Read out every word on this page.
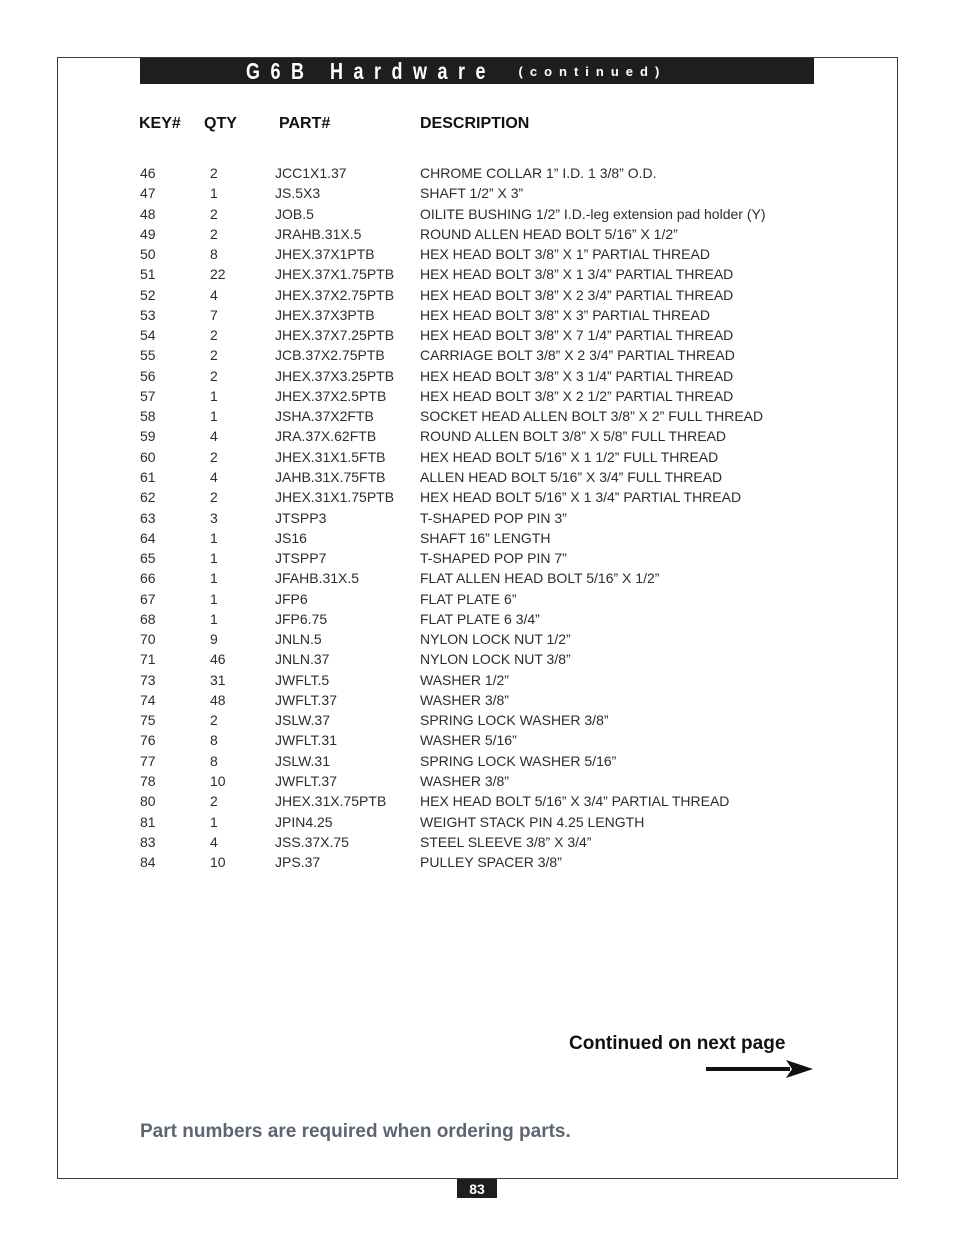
G6B Hardware (continued)
KEY# QTY	PART#	DESCRIPTION
46	2	JCC1X1.37	CHROME COLLAR 1” I.D. 1 3/8” O.D.
47	1	JS.5X3	SHAFT 1/2” X 3”
48	2	JOB.5	OILITE BUSHING 1/2” I.D.-leg extension pad holder (Y)
49	2	JRAHB.31X.5	ROUND ALLEN HEAD BOLT 5/16” X 1/2”
50	8	JHEX.37X1PTB	HEX HEAD BOLT 3/8” X 1” PARTIAL THREAD
51	22	JHEX.37X1.75PTB HEX HEAD BOLT 3/8” X 1 3/4” PARTIAL THREAD
52	4	JHEX.37X2.75PTB HEX HEAD BOLT 3/8” X 2 3/4” PARTIAL THREAD
53	7	JHEX.37X3PTB	HEX HEAD BOLT 3/8” X 3” PARTIAL THREAD
54	2	JHEX.37X7.25PTB HEX HEAD BOLT 3/8” X 7 1/4” PARTIAL THREAD
55	2	JCB.37X2.75PTB	CARRIAGE BOLT 3/8” X 2 3/4” PARTIAL THREAD
56	2	JHEX.37X3.25PTB HEX HEAD BOLT 3/8” X 3 1/4” PARTIAL THREAD
57	1	JHEX.37X2.5PTB HEX HEAD BOLT 3/8” X 2 1/2” PARTIAL THREAD
58	1	JSHA.37X2FTB	SOCKET HEAD ALLEN BOLT 3/8” X 2” FULL THREAD
59	4	JRA.37X.62FTB	ROUND ALLEN BOLT 3/8” X 5/8” FULL THREAD
60	2	JHEX.31X1.5FTB HEX HEAD BOLT 5/16” X 1 1/2” FULL THREAD
61	4	JAHB.31X.75FTB ALLEN HEAD BOLT 5/16” X 3/4” FULL THREAD
62	2	JHEX.31X1.75PTB HEX HEAD BOLT 5/16” X 1 3/4” PARTIAL THREAD
63	3	JTSPP3	T-SHAPED POP PIN 3”
64	1	JS16	SHAFT 16” LENGTH
65	1	JTSPP7	T-SHAPED POP PIN 7”
66	1	JFAHB.31X.5	FLAT ALLEN HEAD BOLT 5/16” X 1/2”
67	1	JFP6	FLAT PLATE 6”
68	1	JFP6.75	FLAT PLATE 6 3/4”
70	9	JNLN.5	NYLON LOCK NUT 1/2”
71	46	JNLN.37	NYLON LOCK NUT 3/8”
73	31	JWFLT.5	WASHER 1/2”
74	48	JWFLT.37	WASHER 3/8”
75	2	JSLW.37	SPRING LOCK WASHER 3/8”
76	8	JWFLT.31	WASHER 5/16”
77	8	JSLW.31	SPRING LOCK WASHER 5/16”
78	10	JWFLT.37	WASHER 3/8”
80	2	JHEX.31X.75PTB HEX HEAD BOLT 5/16” X 3/4” PARTIAL THREAD
81	1	JPIN4.25	WEIGHT STACK PIN 4.25 LENGTH
83	4	JSS.37X.75	STEEL SLEEVE 3/8” X 3/4”
84	10	JPS.37	PULLEY SPACER 3/8”
Continued on next page
Part numbers are required when ordering parts.
83
